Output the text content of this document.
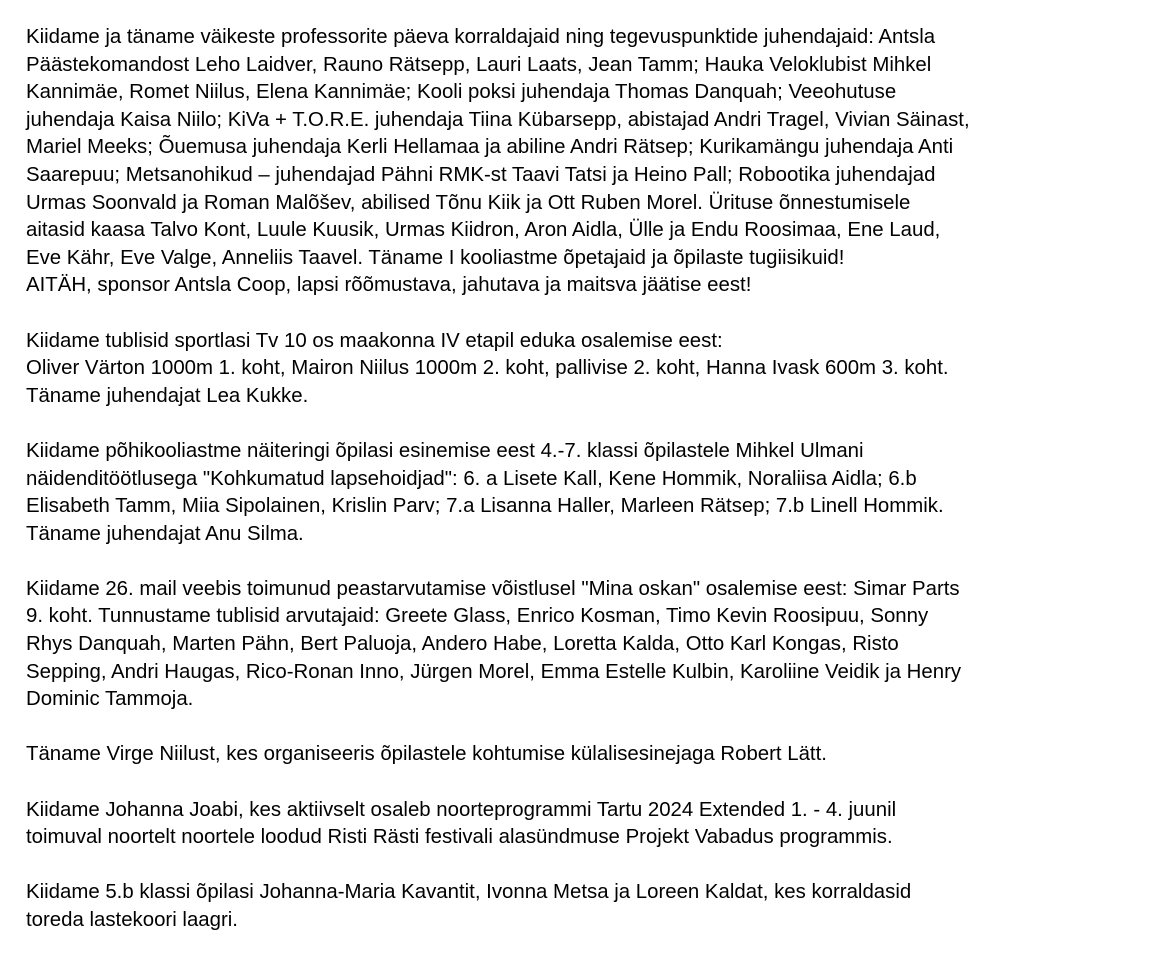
Kiidame ja täname väikeste professorite päeva korraldajaid ning tegevuspunktide juhendajaid: Antsla
Päästekomandost Leho Laidver, Rauno Rätsepp, Lauri Laats, Jean Tamm; Hauka Veloklubist Mihkel
Kannimäe, Romet Niilus, Elena Kannimäe; Kooli poksi juhendaja Thomas Danquah; Veeohutuse
juhendaja Kaisa Niilo; KiVa + T.O.R.E. juhendaja Tiina Kübarsepp, abistajad Andri Tragel, Vivian Säinast,
Mariel Meeks; Õuemusa juhendaja Kerli Hellamaa ja abiline Andri Rätsep; Kurikamängu juhendaja Anti
Saarepuu; Metsanohikud – juhendajad Pähni RMK-st Taavi Tatsi ja Heino Pall; Robootika juhendajad
Urmas Soonvald ja Roman Malõšev, abilised Tõnu Kiik ja Ott Ruben Morel. Ürituse õnnestumisele
aitasid kaasa Talvo Kont, Luule Kuusik, Urmas Kiidron, Aron Aidla, Ülle ja Endu Roosimaa, Ene Laud,
Eve Kähr, Eve Valge, Anneliis Taavel. Täname I kooliastme õpetajaid ja õpilaste tugiisikuid!
AITÄH, sponsor Antsla Coop, lapsi rõõmustava, jahutava ja maitsva jäätise eest!

Kiidame tublisid sportlasi Tv 10 os maakonna IV etapil eduka osalemise eest:
Oliver Värton 1000m 1. koht, Mairon Niilus 1000m 2. koht, pallivise 2. koht, Hanna Ivask 600m 3. koht.
Täname juhendajat Lea Kukke.

Kiidame põhikooliastme näiteringi õpilasi esinemise eest 4.-7. klassi õpilastele Mihkel Ulmani
näidenditöötlusega "Kohkumatud lapsehoidjad": 6. a Lisete Kall, Kene Hommik, Noraliisa Aidla; 6.b
Elisabeth Tamm, Miia Sipolainen, Krislin Parv; 7.a Lisanna Haller, Marleen Rätsep; 7.b Linell Hommik.
Täname juhendajat Anu Silma.

Kiidame 26. mail veebis toimunud peastarvutamise võistlusel "Mina oskan" osalemise eest: Simar Parts
9. koht. Tunnustame tublisid arvutajaid: Greete Glass, Enrico Kosman, Timo Kevin Roosipuu, Sonny
Rhys Danquah, Marten Pähn, Bert Paluoja, Andero Habe, Loretta Kalda, Otto Karl Kongas, Risto
Sepping, Andri Haugas, Rico-Ronan Inno, Jürgen Morel, Emma Estelle Kulbin, Karoliine Veidik ja Henry
Dominic Tammoja.

Täname Virge Niilust, kes organiseeris õpilastele kohtumise külalisesinejaga Robert Lätt.

Kiidame Johanna Joabi, kes aktiivselt osaleb noorteprogrammi Tartu 2024 Extended 1. - 4. juunil
toimuval noortelt noortele loodud Risti Rästi festivali alasündmuse Projekt Vabadus programmis.

Kiidame 5.b klassi õpilasi Johanna-Maria Kavantit, Ivonna Metsa ja Loreen Kaldat, kes korraldasid
toreda lastekoori laagri.
